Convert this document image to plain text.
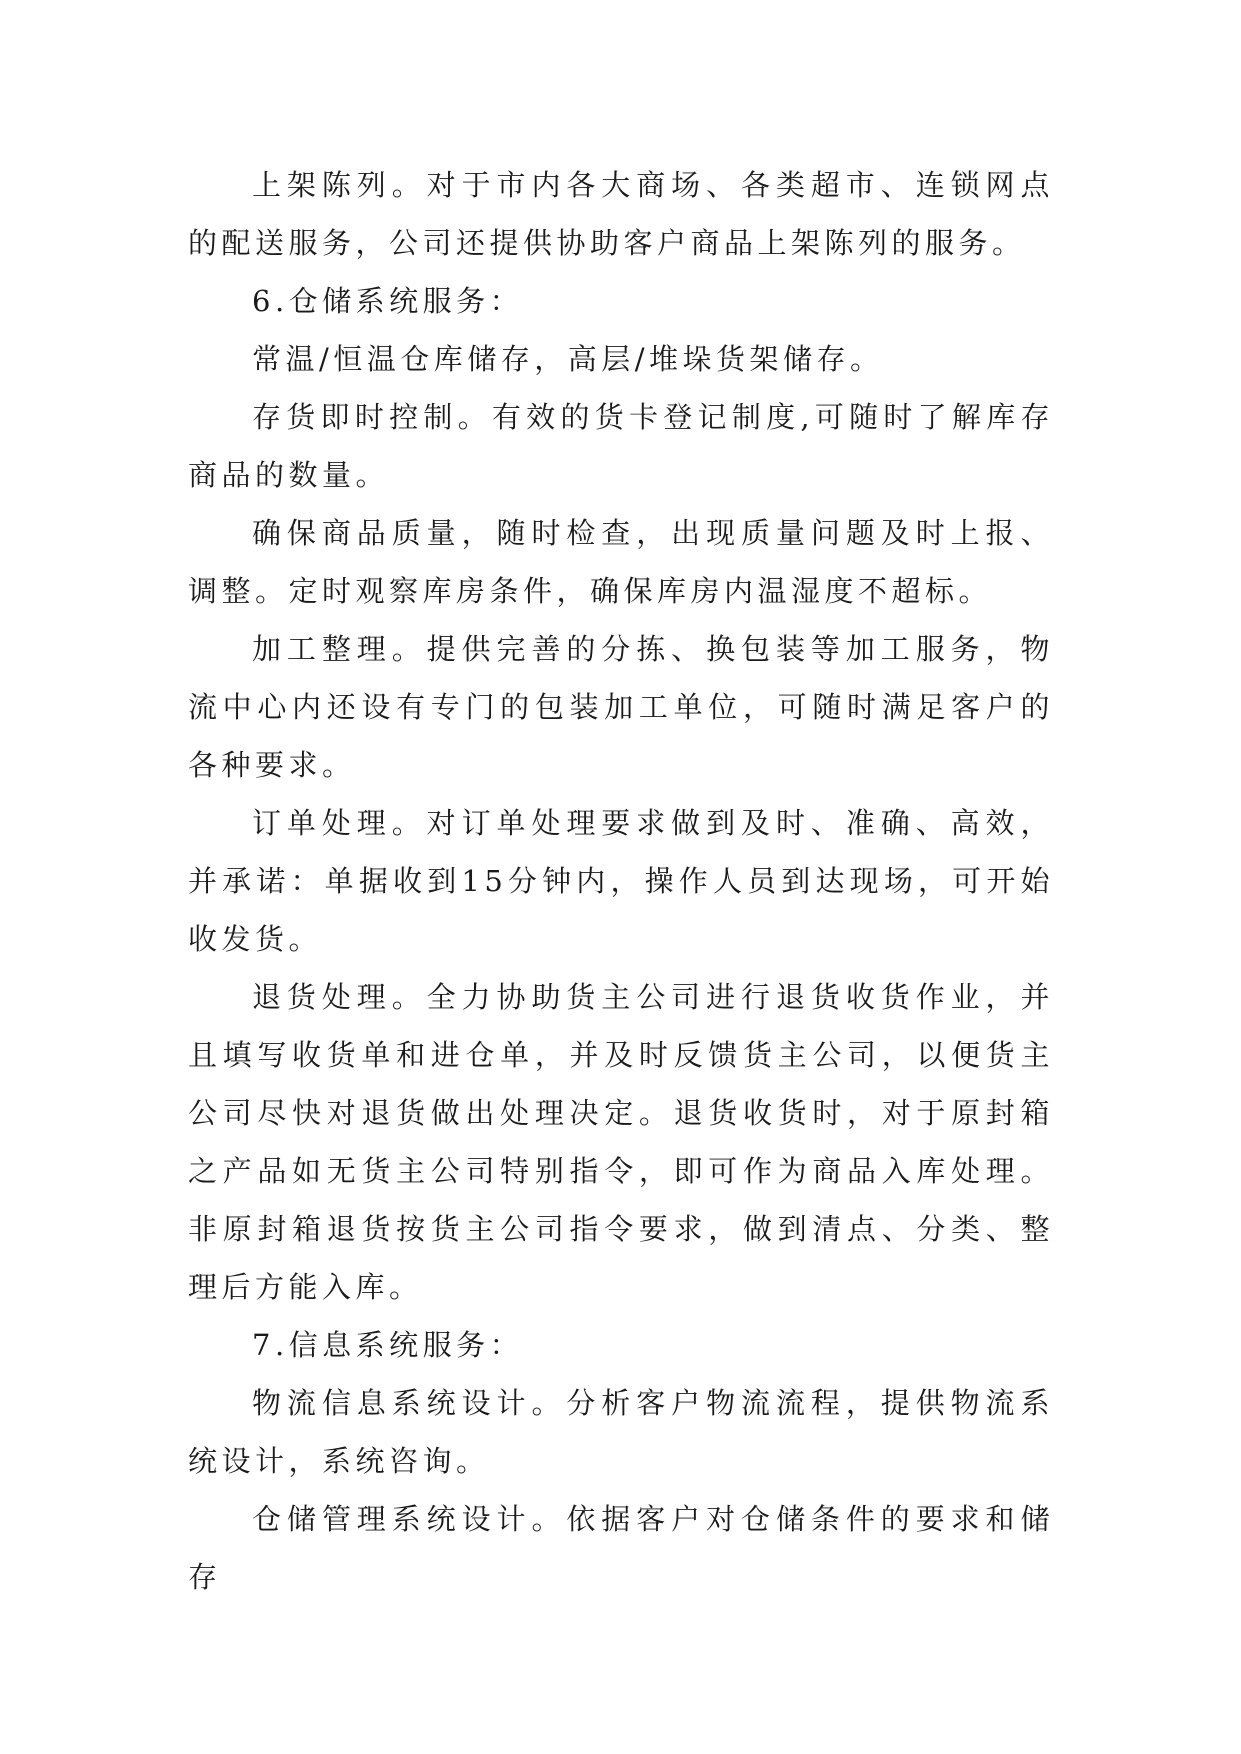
上架陈列。对于市内各大商场、各类超市、连锁网点的配送服务，公司还提供协助客户商品上架陈列的服务。

6.仓储系统服务：

常温/恒温仓库储存，高层/堆垛货架储存。

存货即时控制。有效的货卡登记制度,可随时了解库存商品的数量。

确保商品质量，随时检查，出现质量问题及时上报、调整。定时观察库房条件，确保库房内温湿度不超标。

加工整理。提供完善的分拣、换包装等加工服务，物流中心内还设有专门的包装加工单位，可随时满足客户的各种要求。

订单处理。对订单处理要求做到及时、准确、高效，并承诺：单据收到15分钟内，操作人员到达现场，可开始收发货。

退货处理。全力协助货主公司进行退货收货作业，并且填写收货单和进仓单，并及时反馈货主公司，以便货主公司尽快对退货做出处理决定。退货收货时，对于原封箱之产品如无货主公司特别指令，即可作为商品入库处理。非原封箱退货按货主公司指令要求，做到清点、分类、整理后方能入库。

7.信息系统服务：

物流信息系统设计。分析客户物流流程，提供物流系统设计，系统咨询。

仓储管理系统设计。依据客户对仓储条件的要求和储存
